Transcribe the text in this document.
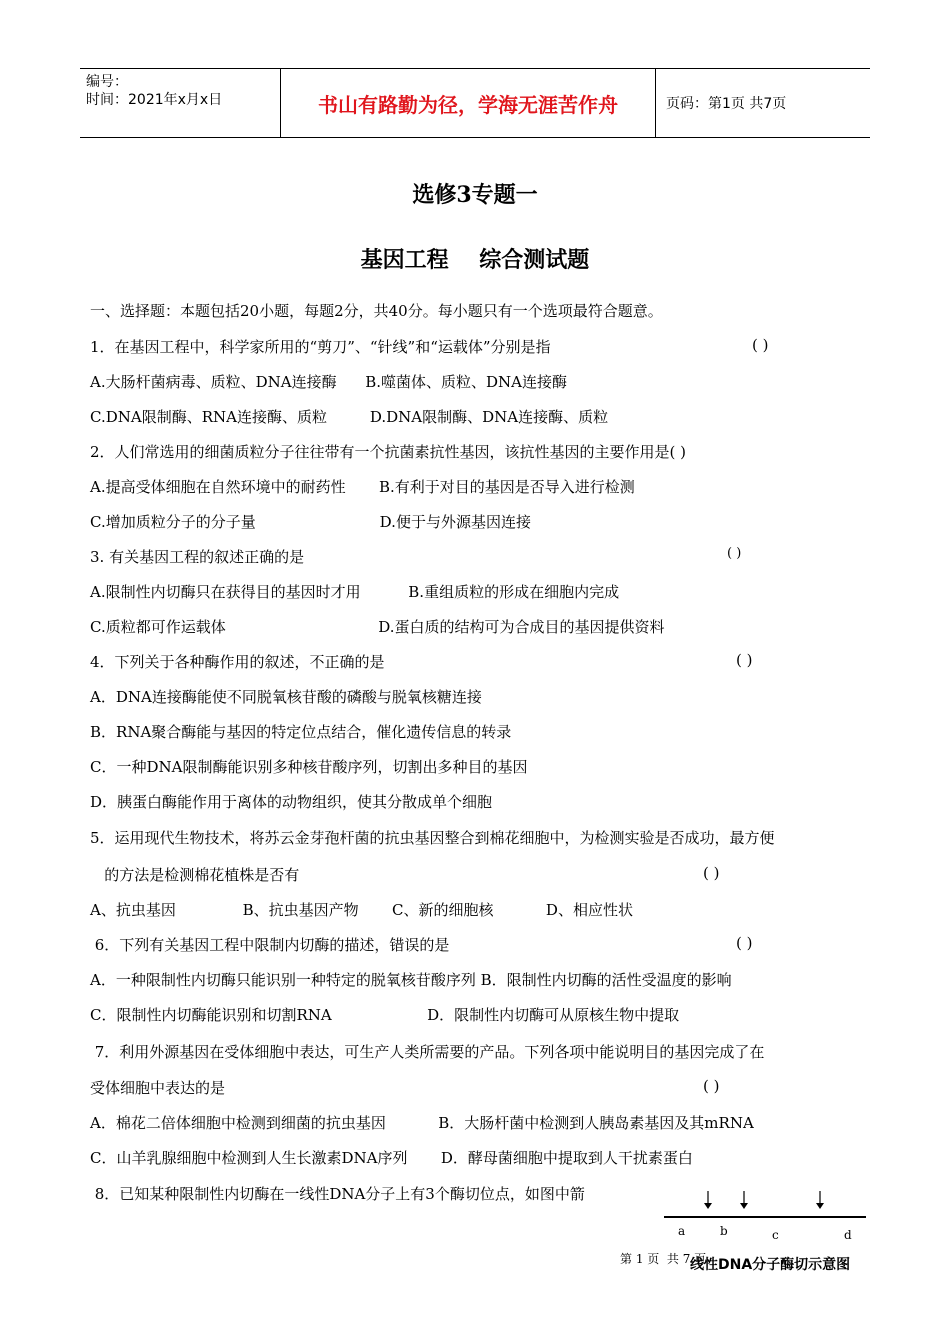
编号：
时间：2021年x月x日	书山有路勤为径，学海无涯苦作舟	页码：第1页 共7页
选修3专题一
基因工程    综合测试题
一、选择题：本题包括20小题，每题2分，共40分。每小题只有一个选项最符合题意。
1．在基因工程中，科学家所用的“剪刀”、“针线”和“运载体”分别是指	( )
A.大肠杆菌病毒、质粒、DNA连接酶      B.噬菌体、质粒、DNA连接酶
C.DNA限制酶、RNA连接酶、质粒         D.DNA限制酶、DNA连接酶、质粒
2．人们常选用的细菌质粒分子往往带有一个抗菌素抗性基因，该抗性基因的主要作用是( )
A.提高受体细胞在自然环境中的耐药性       B.有利于对目的基因是否导入进行检测
C.增加质粒分子的分子量                          D.便于与外源基因连接
3. 有关基因工程的叙述正确的是	( )
A.限制性内切酶只在获得目的基因时才用          B.重组质粒的形成在细胞内完成
C.质粒都可作运载体                                D.蛋白质的结构可为合成目的基因提供资料
4．下列关于各种酶作用的叙述，不正确的是	( )
A．DNA连接酶能使不同脱氧核苷酸的磷酸与脱氧核糖连接
B．RNA聚合酶能与基因的特定位点结合，催化遗传信息的转录
C．一种DNA限制酶能识别多种核苷酸序列，切割出多种目的基因
D．胰蛋白酶能作用于离体的动物组织，使其分散成单个细胞
5．运用现代生物技术，将苏云金芽孢杆菌的抗虫基因整合到棉花细胞中，为检测实验是否成功，最方便
的方法是检测棉花植株是否有	( )
A、抗虫基因              B、抗虫基因产物       C、新的细胞核           D、相应性状
6．下列有关基因工程中限制内切酶的描述，错误的是	( )
A．一种限制性内切酶只能识别一种特定的脱氧核苷酸序列 B．限制性内切酶的活性受温度的影响
C．限制性内切酶能识别和切割RNA                    D．限制性内切酶可从原核生物中提取
7．利用外源基因在受体细胞中表达，可生产人类所需要的产品。下列各项中能说明目的基因完成了在
受体细胞中表达的是	( )
A．棉花二倍体细胞中检测到细菌的抗虫基因           B．大肠杆菌中检测到人胰岛素基因及其mRNA
C．山羊乳腺细胞中检测到人生长激素DNA序列       D．酵母菌细胞中提取到人干扰素蛋白
8．已知某种限制性内切酶在一线性DNA分子上有3个酶切位点，如图中箭
a	b	c	d
线性DNA分子酶切示意图
第 1 页  共 7 页
